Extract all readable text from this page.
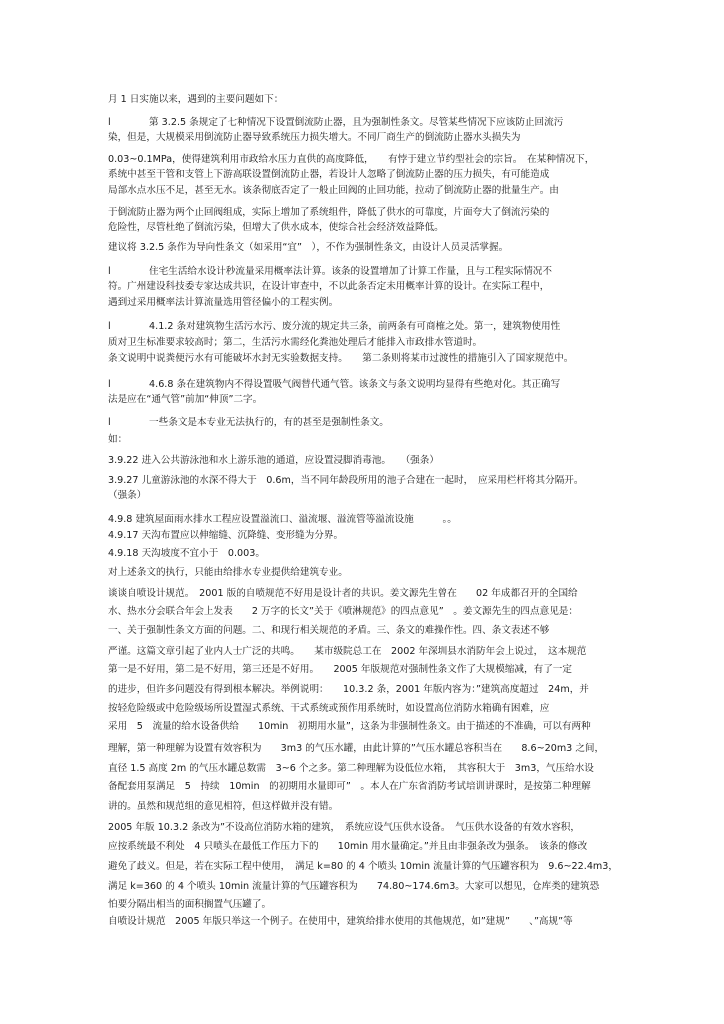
月 1 日实施以来，遇到的主要问题如下：
l　　　　第 3.2.5 条规定了七种情况下设置倒流防止器，且为强制性条文。尽管某些情况下应该防止回流污
染，但是，大规模采用倒流防止器导致系统压力损失增大。不同厂商生产的倒流防止器水头损失为
0.03~0.1MPa，使得建筑利用市政给水压力直供的高度降低，　　有悖于建立节约型社会的宗旨。　在某种情况下，
系统中甚至干管和支管上下游高联设置倒流防止器，若设计人忽略了倒流防止器的压力损失，有可能造成
局部水点水压不足，甚至无水。该条彻底否定了一般止回阀的止回功能，拉动了倒流防止器的批量生产。由
于倒流防止器为两个止回阀组成，实际上增加了系统组件，降低了供水的可靠度，片面夸大了倒流污染的
危险性，尽管杜绝了倒流污染，但增大了供水成本，使综合社会经济效益降低。
建议将 3.2.5 条作为导向性条文（如采用“宜”　），不作为强制性条文，由设计人员灵活掌握。
l　　　　住宅生活给水设计秒流量采用概率法计算。该条的设置增加了计算工作量，且与工程实际情况不
符。广州建设科技委专家达成共识，在设计审查中，不以此条否定未用概率计算的设计。在实际工程中，
遇到过采用概率法计算流量选用管径偏小的工程实例。
l　　　　4.1.2 条对建筑物生活污水污、废分流的规定共三条，前两条有可商榷之处。第一，建筑物使用性
质对卫生标准要求较高时；第二，生活污水需经化粪池处理后才能排入市政排水管道时。
条文说明中说粪便污水有可能破坏水封无实验数据支持。　　第二条则将某市过渡性的措施引入了国家规范中。
l　　　　4.6.8 条在建筑物内不得设置吸气阀替代通气管。该条文与条文说明均显得有些绝对化。其正确写
法是应在“通气管”前加“伸顶”二字。
l　　　　一些条文是本专业无法执行的，有的甚至是强制性条文。
如：
3.9.22 进入公共游泳池和水上游乐池的通道，应设置浸脚消毒池。　　（强条）
3.9.27 儿童游泳池的水深不得大于　0.6m，当不同年龄段所用的池子合建在一起时，　应采用栏杆将其分隔开。
（强条）
4.9.8 建筑屋面雨水排水工程应设置溢流口、溢流堰、溢流管等溢流设施　　　。。
4.9.17 天沟布置应以伸缩缝、沉降缝、变形缝为分界。
4.9.18 天沟坡度不宜小于　0.003。
对上述条文的执行，只能由给排水专业提供给建筑专业。
谈谈自喷设计规范。　2001 版的自喷规范不好用是设计者的共识。姜文源先生曾在　　02 年成都召开的全国给
水、热水分会联合年会上发表　　2 万字的长文”关于《喷淋规范》的四点意见”　。姜文源先生的四点意见是：
一、关于强制性条文方面的问题。二、和现行相关规范的矛盾。三、条文的难操作性。四、条文表述不够
严谨。这篇文章引起了业内人士广泛的共鸣。　　某市级院总工在　2002 年深圳县水消防年会上说过，　这本规范
第一是不好用，第二是不好用，第三还是不好用。　　2005 年版规范对强制性条文作了大规模缩减，有了一定
的进步，但许多问题没有得到根本解决。举例说明：　　10.3.2 条，2001 年版内容为：”建筑高度超过　24m，并
按轻危险级或中危险级场所设置湿式系统、干式系统或预作用系统时，如设置高位消防水箱确有困难，应
采用　5　流量的给水设备供给　　10min　初期用水量”，这条为非强制性条文。由于描述的不准确，可以有两种
理解，第一种理解为设置有效容积为　　3m3 的气压水罐，由此计算的”气压水罐总容积当在　　8.6~20m3 之间，
直径 1.5 高度 2m 的气压水罐总数需　3~6 个之多。第二种理解为设低位水箱，　其容积大于　3m3，气压给水设
备配套用泵满足　5　持续　10min　的初期用水量即可”　。本人在广东省消防考试培训讲课时，是按第二种理解
讲的。虽然和规范组的意见相符，但这样做并没有错。
2005 年版 10.3.2 条改为”不设高位消防水箱的建筑，　系统应设气压供水设备。　气压供水设备的有效水容积，
应按系统最不利处　4 只喷头在最低工作压力下的　　10min 用水量确定。”并且由非强条改为强条。　该条的修改
避免了歧义。但是，若在实际工程中使用，　满足 k=80 的 4 个喷头 10min 流量计算的气压罐容积为　9.6~22.4m3，
满足 k=360 的 4 个喷头 10min 流量计算的气压罐容积为　　74.80~174.6m3。大家可以想见，仓库类的建筑恐
怕要分隔出相当的面积搁置气压罐了。
自喷设计规范　2005 年版只举这一个例子。在使用中，建筑给排水使用的其他规范，如”建规”　　、”高规”等
